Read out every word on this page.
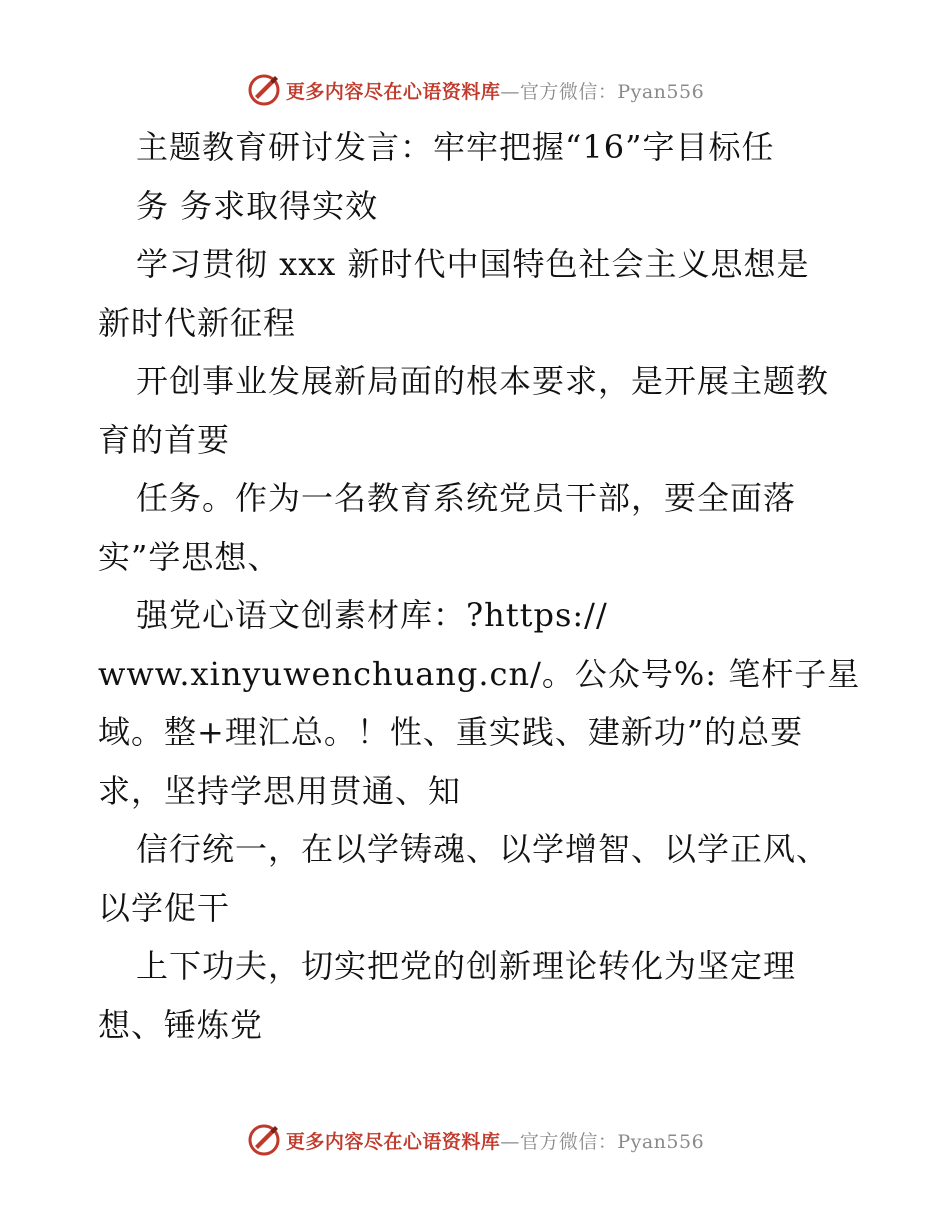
更多内容尽在心语资料库—官方微信：Pyan556
主题教育研讨发言：牢牢把握“16”字目标任
务 务求取得实效
学习贯彻 xxx 新时代中国特色社会主义思想是
新时代新征程
开创事业发展新局面的根本要求，是开展主题教
育的首要
任务。作为一名教育系统党员干部，要全面落
实”学思想、
强党心语文创素材库：?https://
www.xinyuwenchuang.cn/。公众号%: 笔杆子星
域。整+理汇总。！性、重实践、建新功”的总要
求，坚持学思用贯通、知
信行统一，在以学铸魂、以学增智、以学正风、
以学促干
上下功夫，切实把党的创新理论转化为坚定理
想、锤炼党
更多内容尽在心语资料库—官方微信：Pyan556
